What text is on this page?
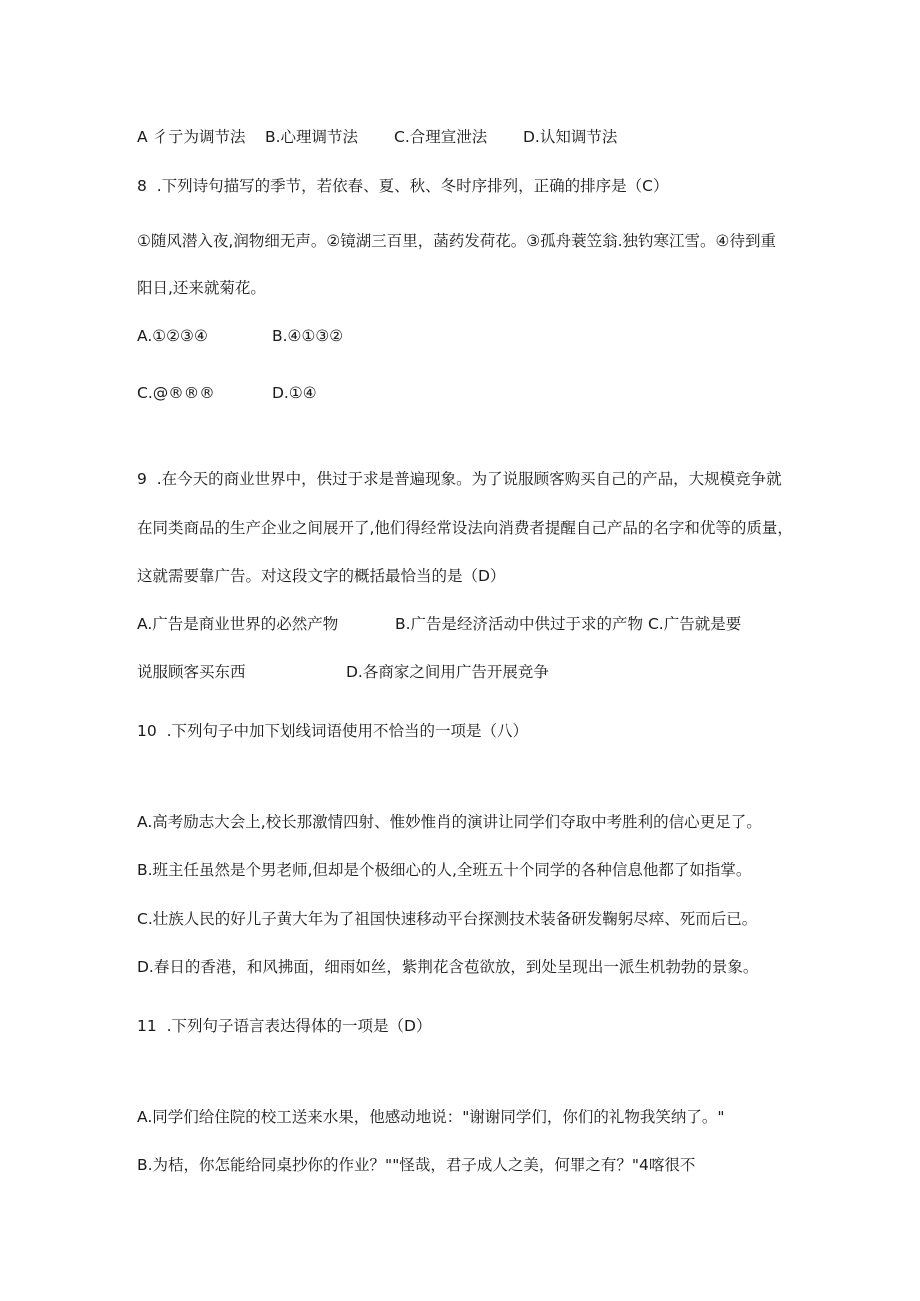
A 彳亍为调节法 B.心理调节法 C.合理宣泄法 D.认知调节法
8  .下列诗句描写的季节，若依春、夏、秋、冬时序排列，正确的排序是（C）
①随风潜入夜,润物细无声。②镜湖三百里，菡药发荷花。③孤舟蓑笠翁.独钓寒江雪。④待到重
阳日,还来就菊花。
A.①②③④	B.④①③②
C.@®®®	D.①④
9  .在今天的商业世界中，供过于求是普遍现象。为了说服顾客购买自己的产品，大规模竞争就
在同类商品的生产企业之间展开了,他们得经常设法向消费者提醒自己产品的名字和优等的质量，
这就需要靠广告。对这段文字的概括最恰当的是（D）
A.广告是商业世界的必然产物	B.广告是经济活动中供过于求的产物 C.广告就是要
说服顾客买东西	D.各商家之间用广告开展竞争
10  .下列句子中加下划线词语使用不恰当的一项是（八）
A.高考励志大会上,校长那激情四射、惟妙惟肖的演讲让同学们夺取中考胜利的信心更足了。
B.班主任虽然是个男老师,但却是个极细心的人,全班五十个同学的各种信息他都了如指掌。
C.壮族人民的好儿子黄大年为了祖国快速移动平台探测技术装备研发鞠躬尽瘁、死而后已。
D.春日的香港，和风拂面，细雨如丝，紫荆花含苞欲放，到处呈现出一派生机勃勃的景象。
11  .下列句子语言表达得体的一项是（D）
A.同学们给住院的校工送来水果，他感动地说："谢谢同学们，你们的礼物我笑纳了。"
B.为桔，你怎能给同桌抄你的作业？""怪哉，君子成人之美，何罪之有？"4喀很不
